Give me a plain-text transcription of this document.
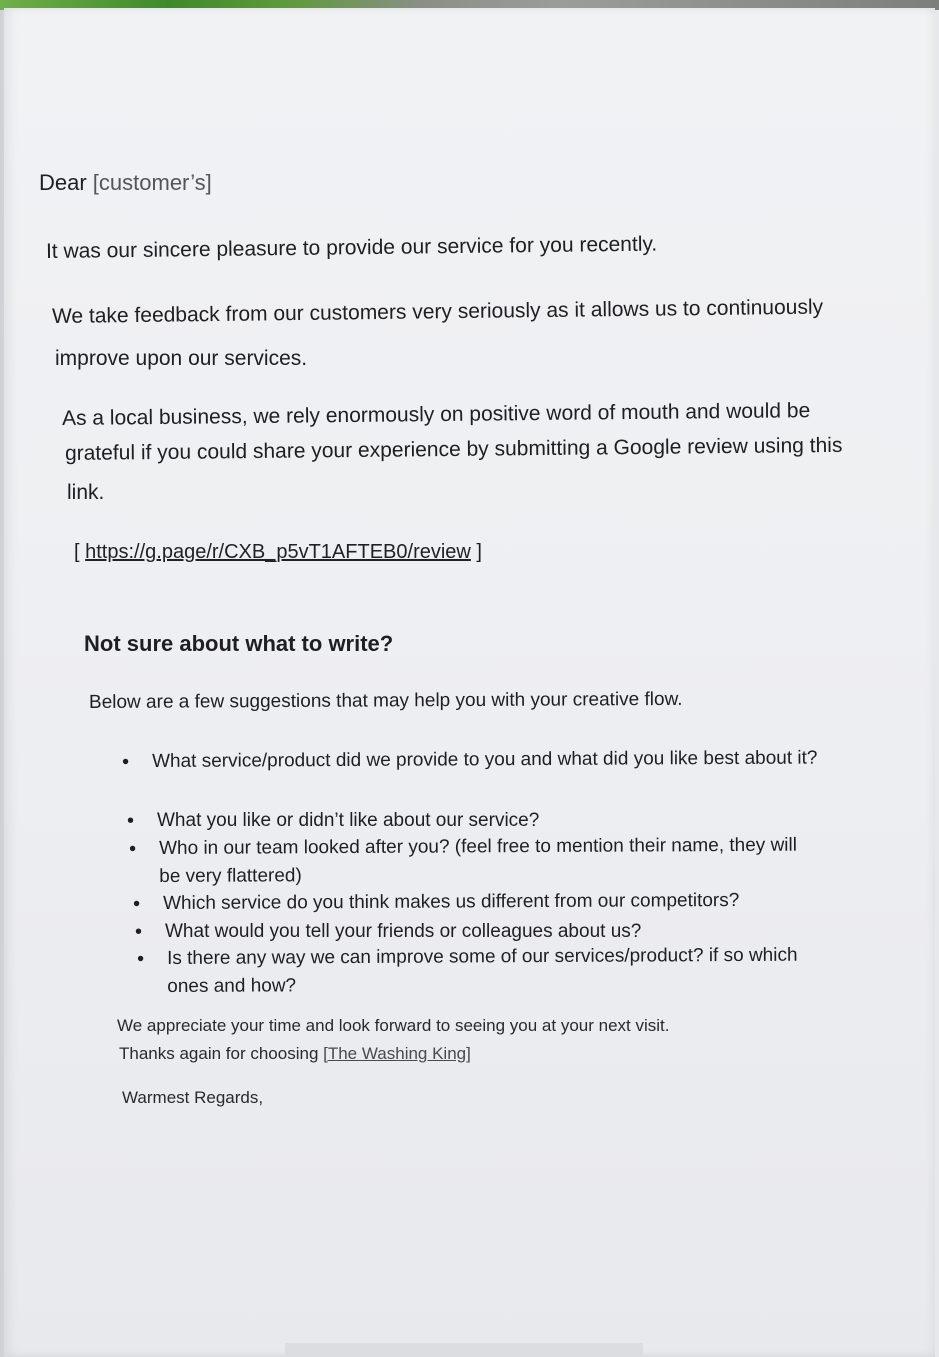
Dear [customer’s]

It was our sincere pleasure to provide our service for you recently.

We take feedback from our customers very seriously as it allows us to continuously

improve upon our services.

As a local business, we rely enormously on positive word of mouth and would be

grateful if you could share your experience by submitting a Google review using this

link.

[ https://g.page/r/CXB_p5vT1AFTEB0/review ]

Not sure about what to write?

Below are a few suggestions that may help you with your creative flow.

• What service/product did we provide to you and what did you like best about it?
• What you like or didn’t like about our service?
• Who in our team looked after you? (feel free to mention their name, they will be very flattered)
• Which service do you think makes us different from our competitors?
• What would you tell your friends or colleagues about us?
• Is there any way we can improve some of our services/product? if so which ones and how?

We appreciate your time and look forward to seeing you at your next visit.

Thanks again for choosing [The Washing King]

Warmest Regards,
